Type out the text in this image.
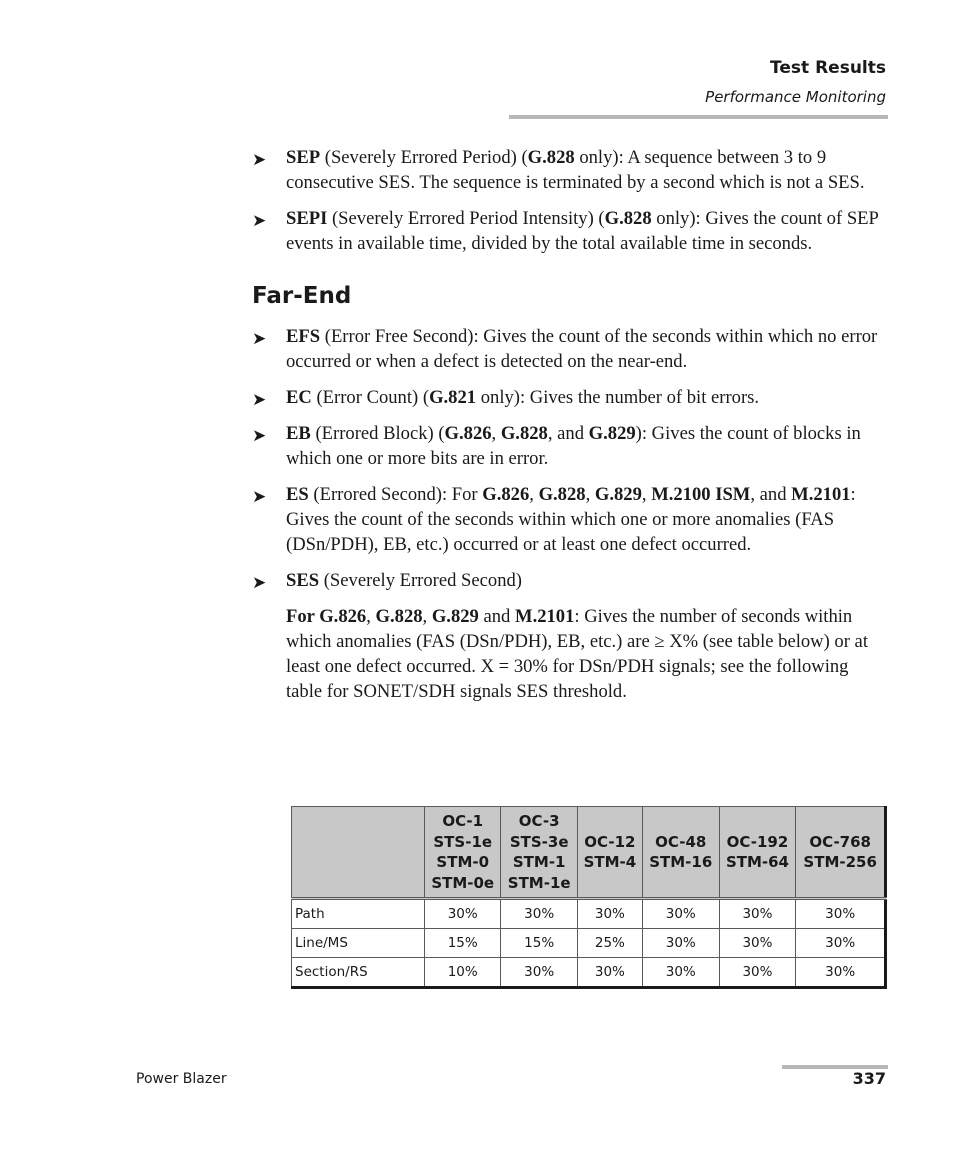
Test Results
Performance Monitoring
➤ SEP (Severely Errored Period) (G.828 only): A sequence between 3 to 9 consecutive SES. The sequence is terminated by a second which is not a SES.
➤ SEPI (Severely Errored Period Intensity) (G.828 only): Gives the count of SEP events in available time, divided by the total available time in seconds.
Far-End
➤ EFS (Error Free Second): Gives the count of the seconds within which no error occurred or when a defect is detected on the near-end.
➤ EC (Error Count) (G.821 only): Gives the number of bit errors.
➤ EB (Errored Block) (G.826, G.828, and G.829): Gives the count of blocks in which one or more bits are in error.
➤ ES (Errored Second): For G.826, G.828, G.829, M.2100 ISM, and M.2101: Gives the count of the seconds within which one or more anomalies (FAS (DSn/PDH), EB, etc.) occurred or at least one defect occurred.
➤ SES (Severely Errored Second)
For G.826, G.828, G.829 and M.2101: Gives the number of seconds within which anomalies (FAS (DSn/PDH), EB, etc.) are ≥ X% (see table below) or at least one defect occurred. X = 30% for DSn/PDH signals; see the following table for SONET/SDH signals SES threshold.
	OC-1
STS-1e
STM-0
STM-0e	OC-3
STS-3e
STM-1
STM-1e	OC-12
STM-4	OC-48
STM-16	OC-192
STM-64	OC-768
STM-256
Path	30%	30%	30%	30%	30%	30%
Line/MS	15%	15%	25%	30%	30%	30%
Section/RS	10%	30%	30%	30%	30%	30%
Power Blazer	337
